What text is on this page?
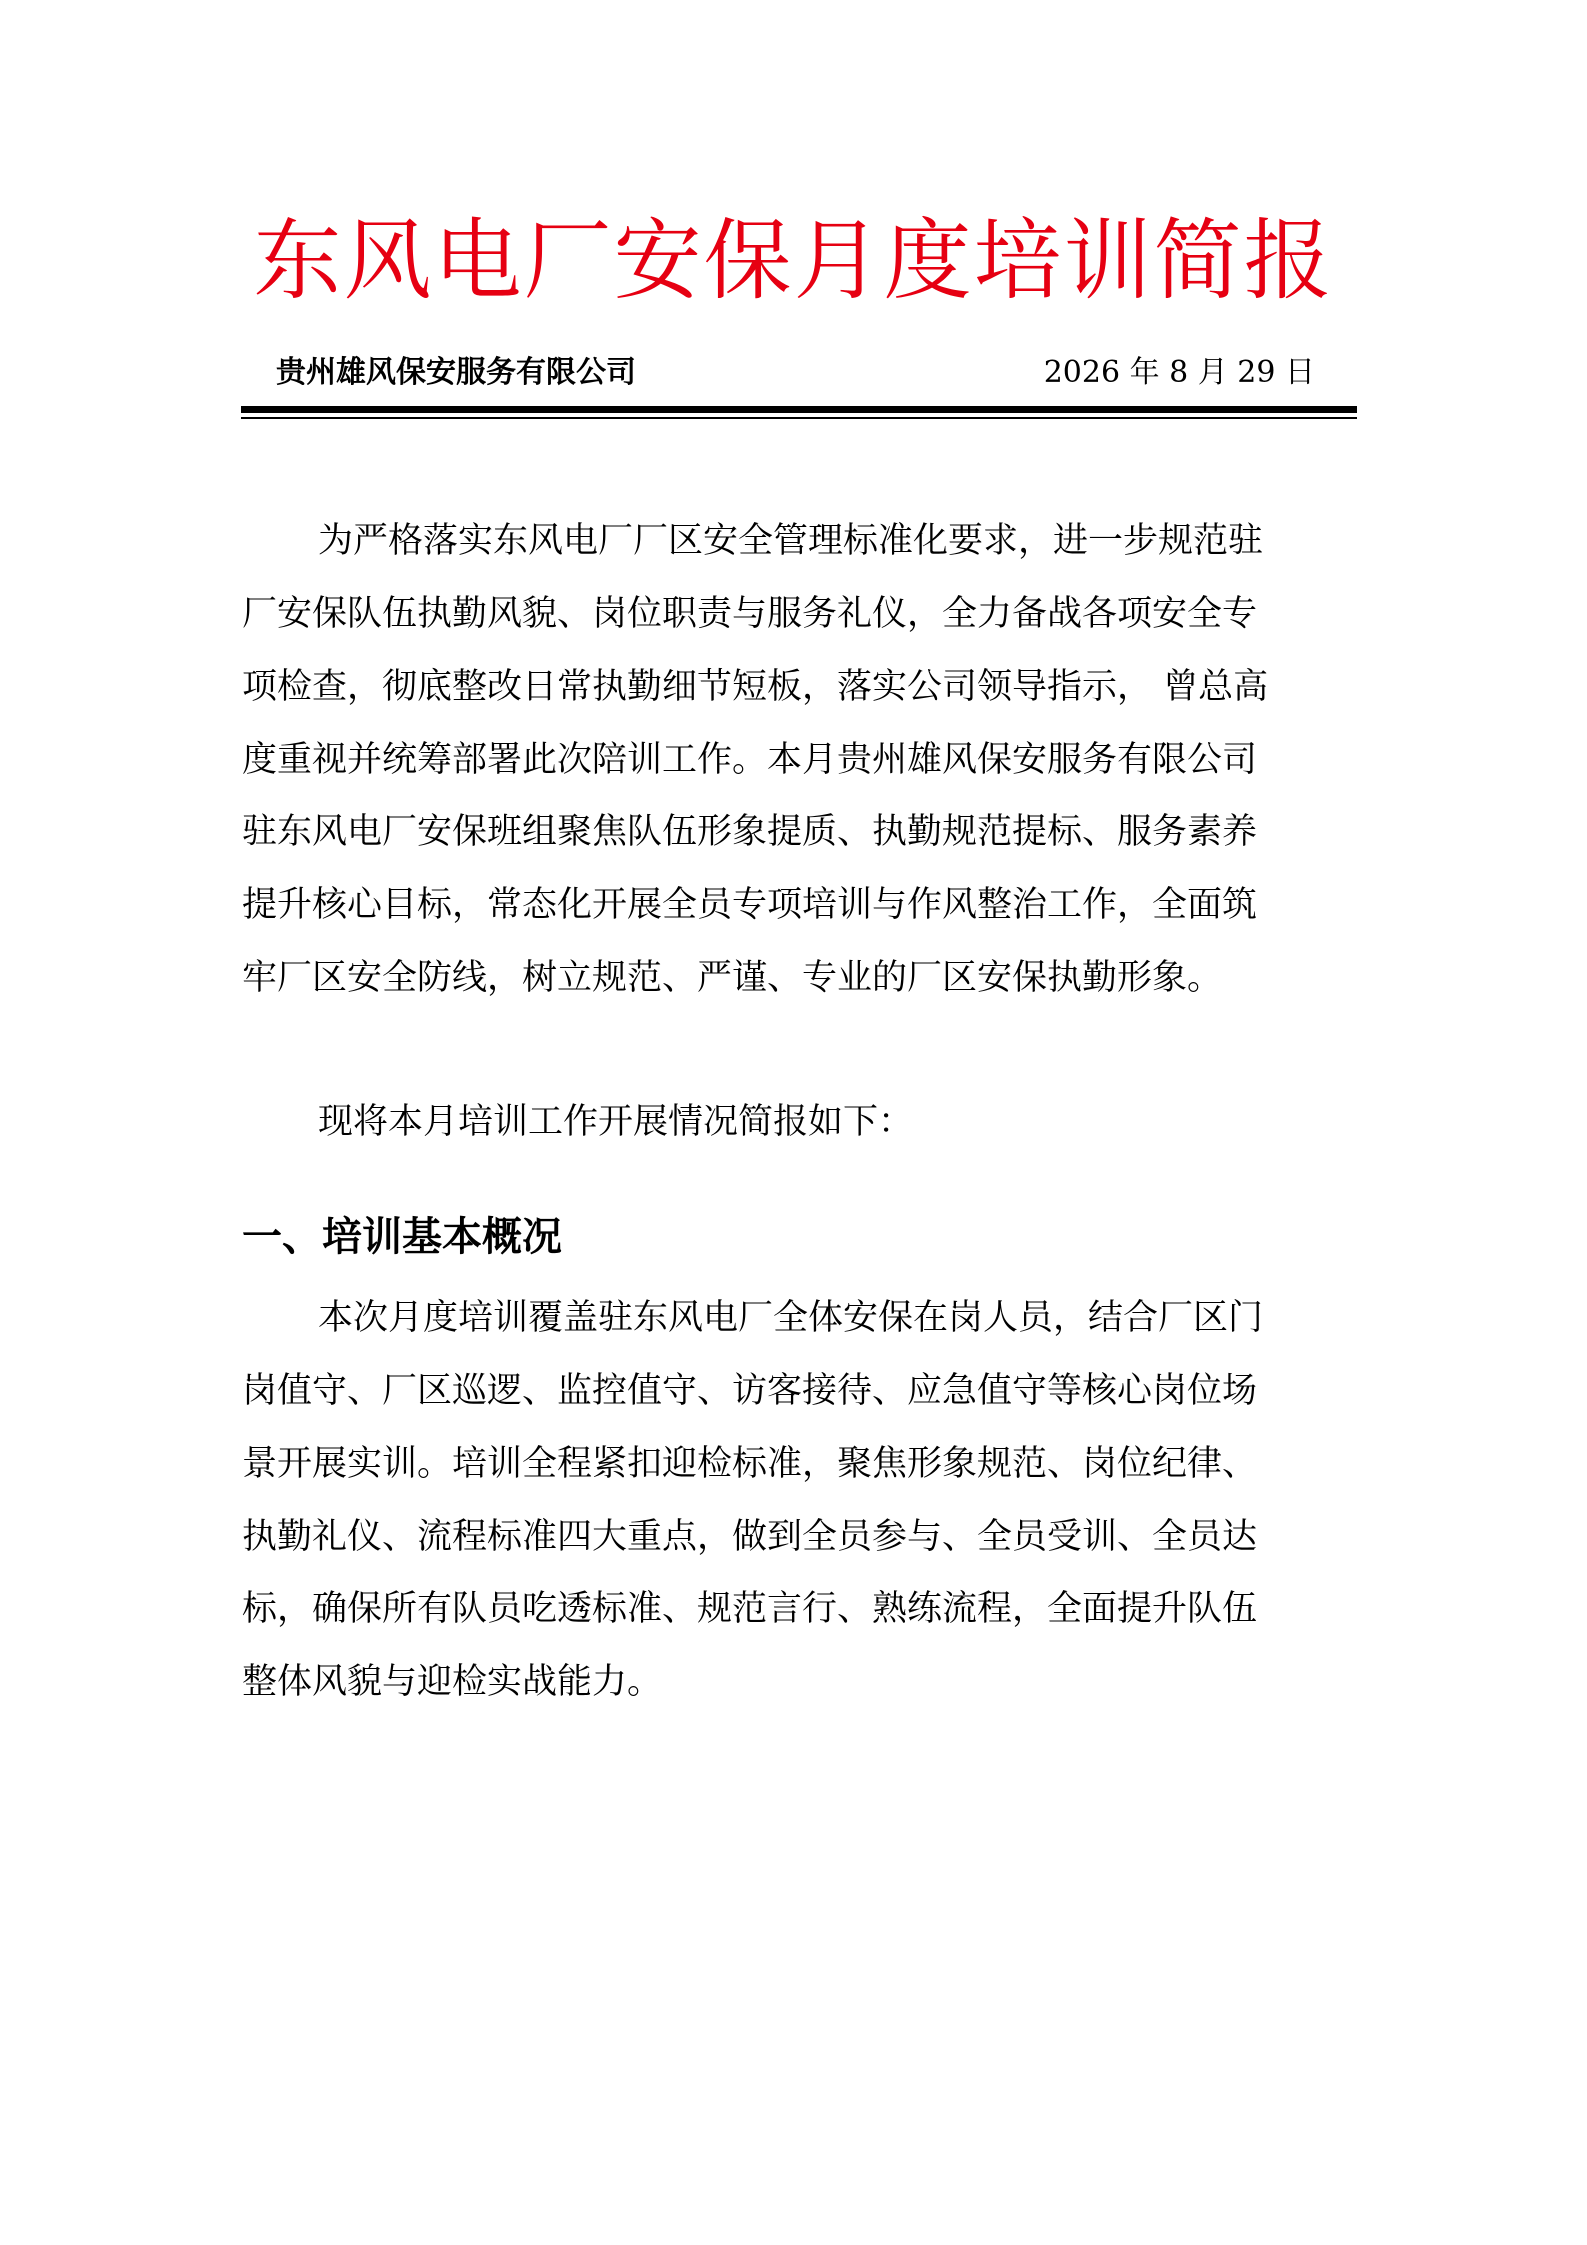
东风电厂安保月度培训简报
贵州雄风保安服务有限公司	2026 年 8 月 29 日
为严格落实东风电厂厂区安全管理标准化要求，进一步规范驻
厂安保队伍执勤风貌、岗位职责与服务礼仪，全力备战各项安全专
项检查，彻底整改日常执勤细节短板，落实公司领导指示， 曾总高
度重视并统筹部署此次陪训工作。本月贵州雄风保安服务有限公司
驻东风电厂安保班组聚焦队伍形象提质、执勤规范提标、服务素养
提升核心目标，常态化开展全员专项培训与作风整治工作，全面筑
牢厂区安全防线，树立规范、严谨、专业的厂区安保执勤形象。
现将本月培训工作开展情况简报如下：
一、培训基本概况
本次月度培训覆盖驻东风电厂全体安保在岗人员，结合厂区门
岗值守、厂区巡逻、监控值守、访客接待、应急值守等核心岗位场
景开展实训。培训全程紧扣迎检标准，聚焦形象规范、岗位纪律、
执勤礼仪、流程标准四大重点，做到全员参与、全员受训、全员达
标，确保所有队员吃透标准、规范言行、熟练流程，全面提升队伍
整体风貌与迎检实战能力。
